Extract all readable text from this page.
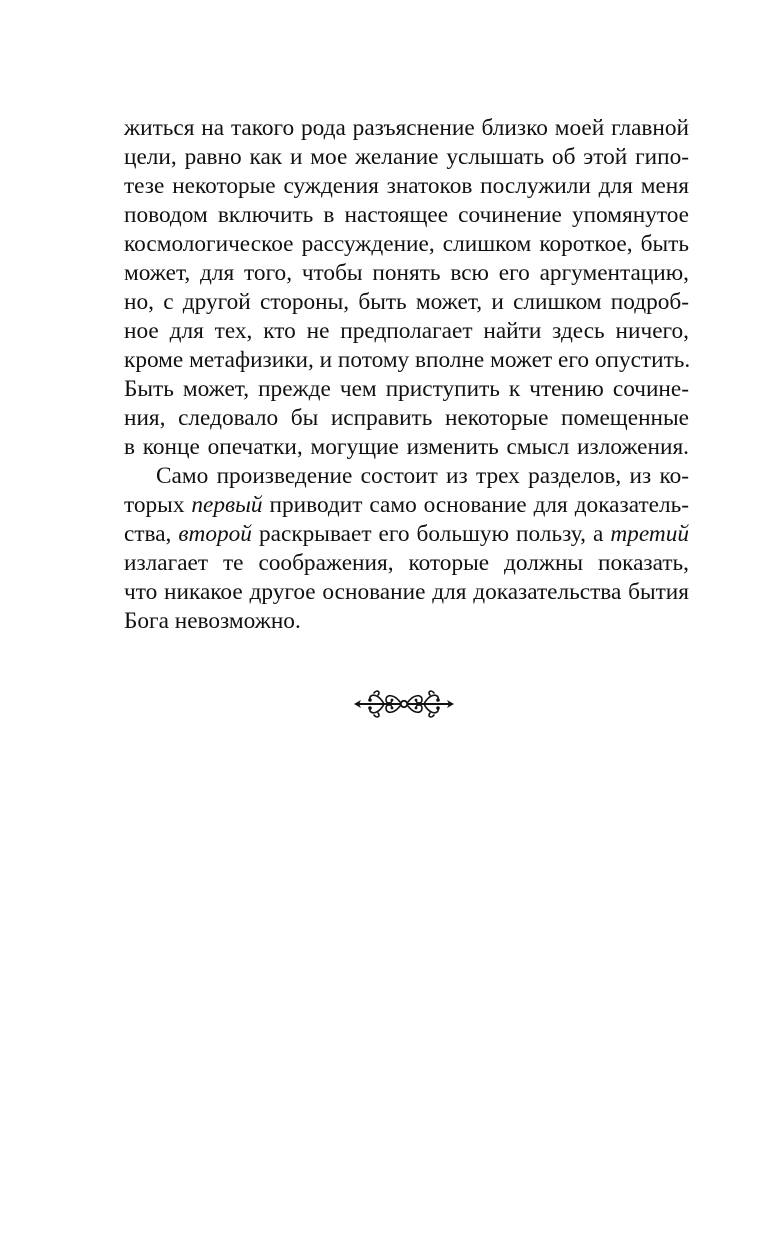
житься на такого рода разъяснение близко моей главной
цели, равно как и мое желание услышать об этой гипо-
тезе некоторые суждения знатоков послужили для меня
поводом включить в настоящее сочинение упомянутое
космологическое рассуждение, слишком короткое, быть
может, для того, чтобы понять всю его аргументацию,
но, с другой стороны, быть может, и слишком подроб-
ное для тех, кто не предполагает найти здесь ничего,
кроме метафизики, и потому вполне может его опустить.
Быть может, прежде чем приступить к чтению сочине-
ния, следовало бы исправить некоторые помещенные
в конце опечатки, могущие изменить смысл изложения.
Само произведение состоит из трех разделов, из ко-
торых первый приводит само основание для доказатель-
ства, второй раскрывает его большую пользу, а третий
излагает те соображения, которые должны показать,
что никакое другое основание для доказательства бытия
Бога невозможно.
